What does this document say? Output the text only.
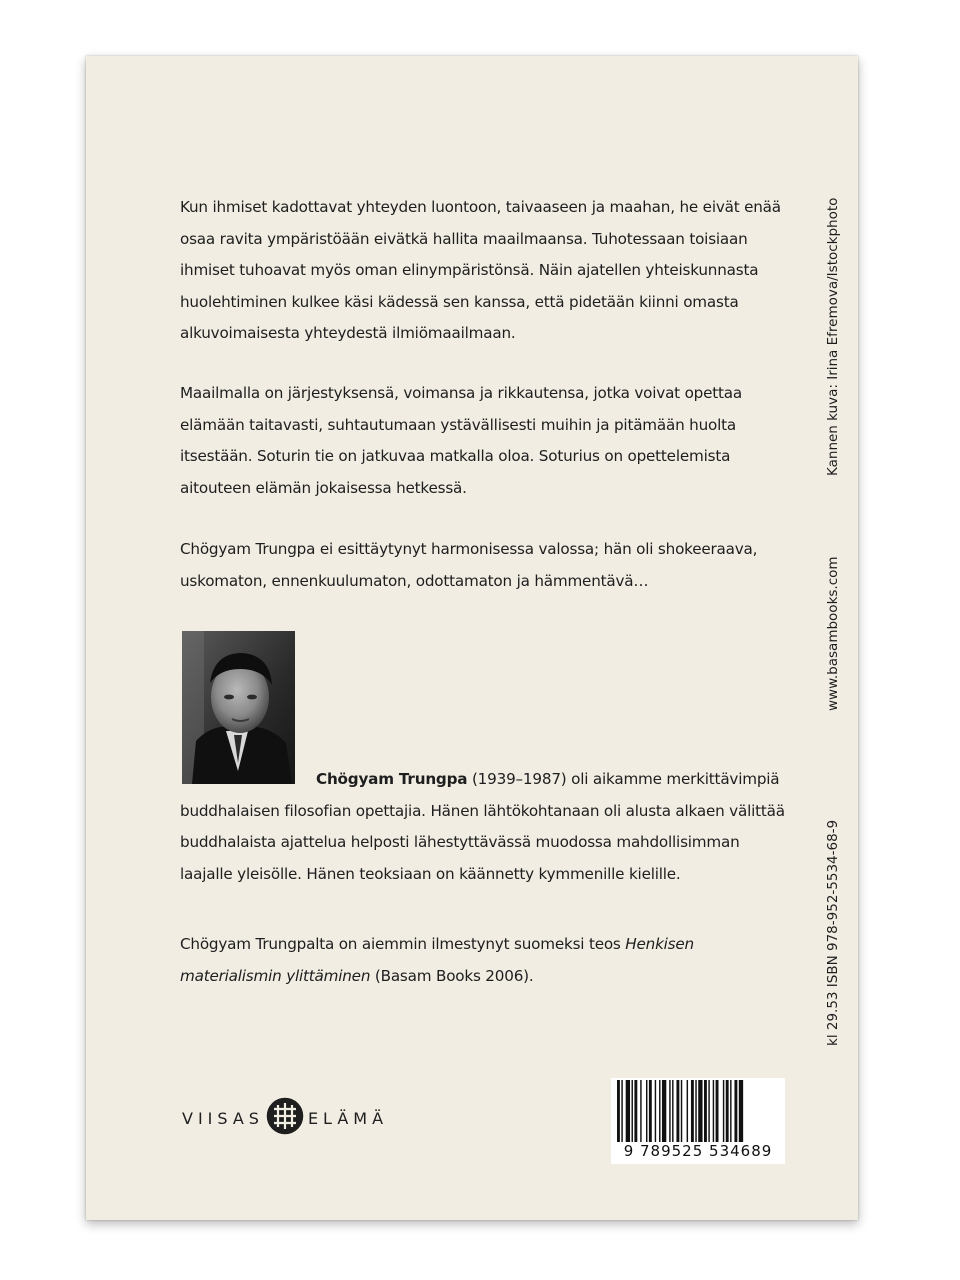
Kun ihmiset kadottavat yhteyden luontoon, taivaaseen ja maahan, he eivät enää osaa ravita ympäristöään eivätkä hallita maailmaansa. Tuhotessaan toisiaan ihmiset tuhoavat myös oman elinympäristönsä. Näin ajatellen yhteiskunnasta huolehtiminen kulkee käsi kädessä sen kanssa, että pidetään kiinni omasta alkuvoimaisesta yhteydestä ilmiömaailmaan.

Maailmalla on järjestyksensä, voimansa ja rikkautensa, jotka voivat opettaa elämään taitavasti, suhtautumaan ystävällisesti muihin ja pitämään huolta itsestään. Soturin tie on jatkuvaa matkalla oloa. Soturius on opettelemista aitouteen elämän jokaisessa hetkessä.

Chögyam Trungpa ei esittäytynyt harmonisessa valossa; hän oli shokeeraava, uskomaton, ennenkuulumaton, odottamaton ja hämmentävä…

Chögyam Trungpa (1939–1987) oli aikamme merkittävimpiä buddhalaisen filosofian opettajia. Hänen lähtökohtanaan oli alusta alkaen välittää buddhalaista ajattelua helposti lähestyttävässä muodossa mahdollisimman laajalle yleisölle. Hänen teoksiaan on käännetty kymmenille kielille.

Chögyam Trungpalta on aiemmin ilmestynyt suomeksi teos Henkisen materialismin ylittäminen (Basam Books 2006).

Kannen kuva: Irina Efremova/Istockphoto
www.basambooks.com
kl 29.53 ISBN 978-952-5534-68-9
VIISAS	ELÄMÄ
9 789525 534689
